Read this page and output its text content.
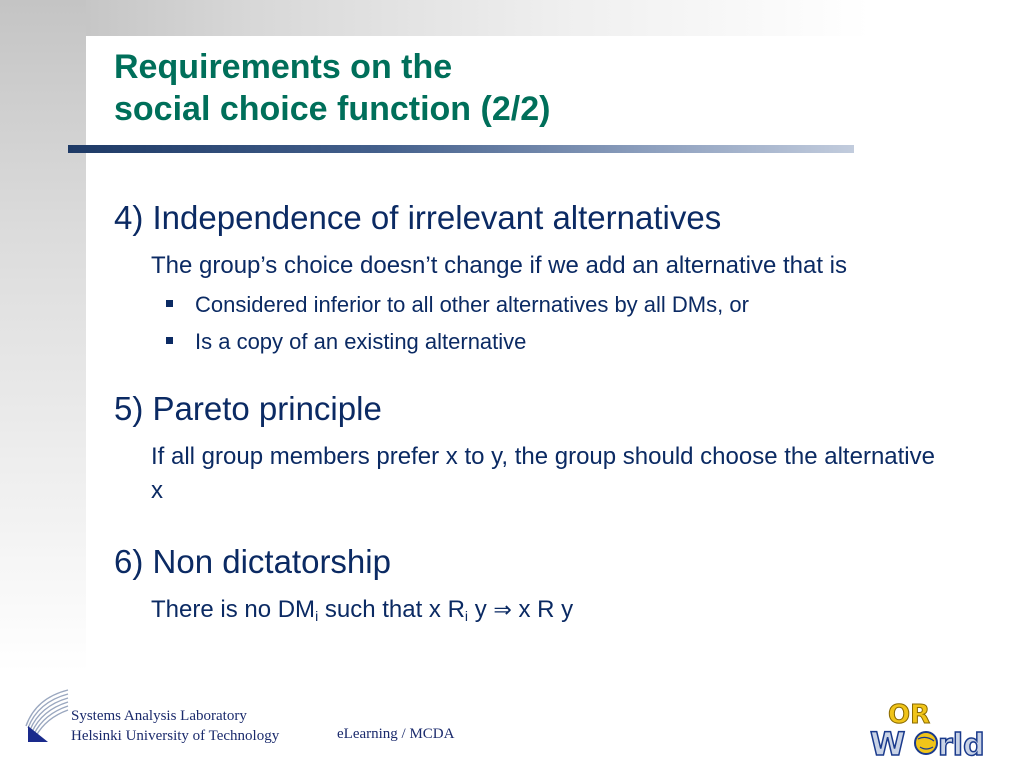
Requirements on the
social choice function (2/2)
4) Independence of irrelevant alternatives

The group’s choice doesn’t change if we add an alternative that is

Considered inferior to all other alternatives by all DMs, or
Is a copy of an existing alternative
5) Pareto principle

If all group members prefer x to y, the group should choose the alternative x

6) Non dictatorship

There is no $DM_i$ such that x $R_i$ y ⇒ x R y

Systems Analysis Laboratory
Helsinki University of Technology	eLearning / MCDA
OR
W rld
